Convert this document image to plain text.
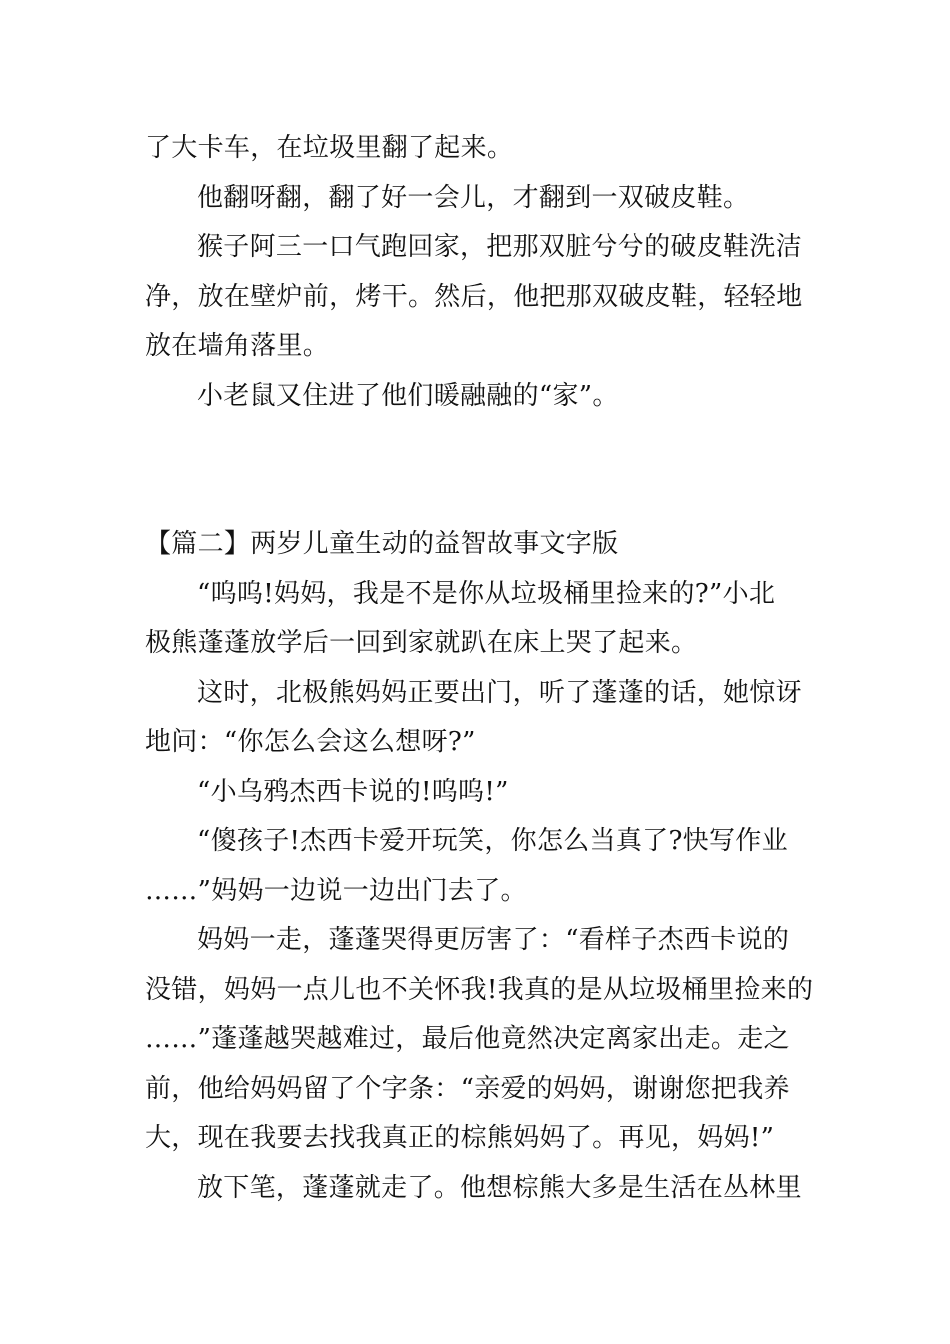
了大卡车，在垃圾里翻了起来。
他翻呀翻，翻了好一会儿，才翻到一双破皮鞋。
猴子阿三一口气跑回家，把那双脏兮兮的破皮鞋洗洁
净，放在壁炉前，烤干。然后，他把那双破皮鞋，轻轻地
放在墙角落里。
小老鼠又住进了他们暖融融的“家”。
【篇二】两岁儿童生动的益智故事文字版
“呜呜!妈妈，我是不是你从垃圾桶里捡来的?”小北
极熊蓬蓬放学后一回到家就趴在床上哭了起来。
这时，北极熊妈妈正要出门，听了蓬蓬的话，她惊讶
地问：“你怎么会这么想呀?”
“小乌鸦杰西卡说的!呜呜!”
“傻孩子!杰西卡爱开玩笑，你怎么当真了?快写作业
……”妈妈一边说一边出门去了。
妈妈一走，蓬蓬哭得更厉害了：“看样子杰西卡说的
没错，妈妈一点儿也不关怀我!我真的是从垃圾桶里捡来的
……”蓬蓬越哭越难过，最后他竟然决定离家出走。走之
前，他给妈妈留了个字条：“亲爱的妈妈，谢谢您把我养
大，现在我要去找我真正的棕熊妈妈了。再见，妈妈!”
放下笔，蓬蓬就走了。他想棕熊大多是生活在丛林里
